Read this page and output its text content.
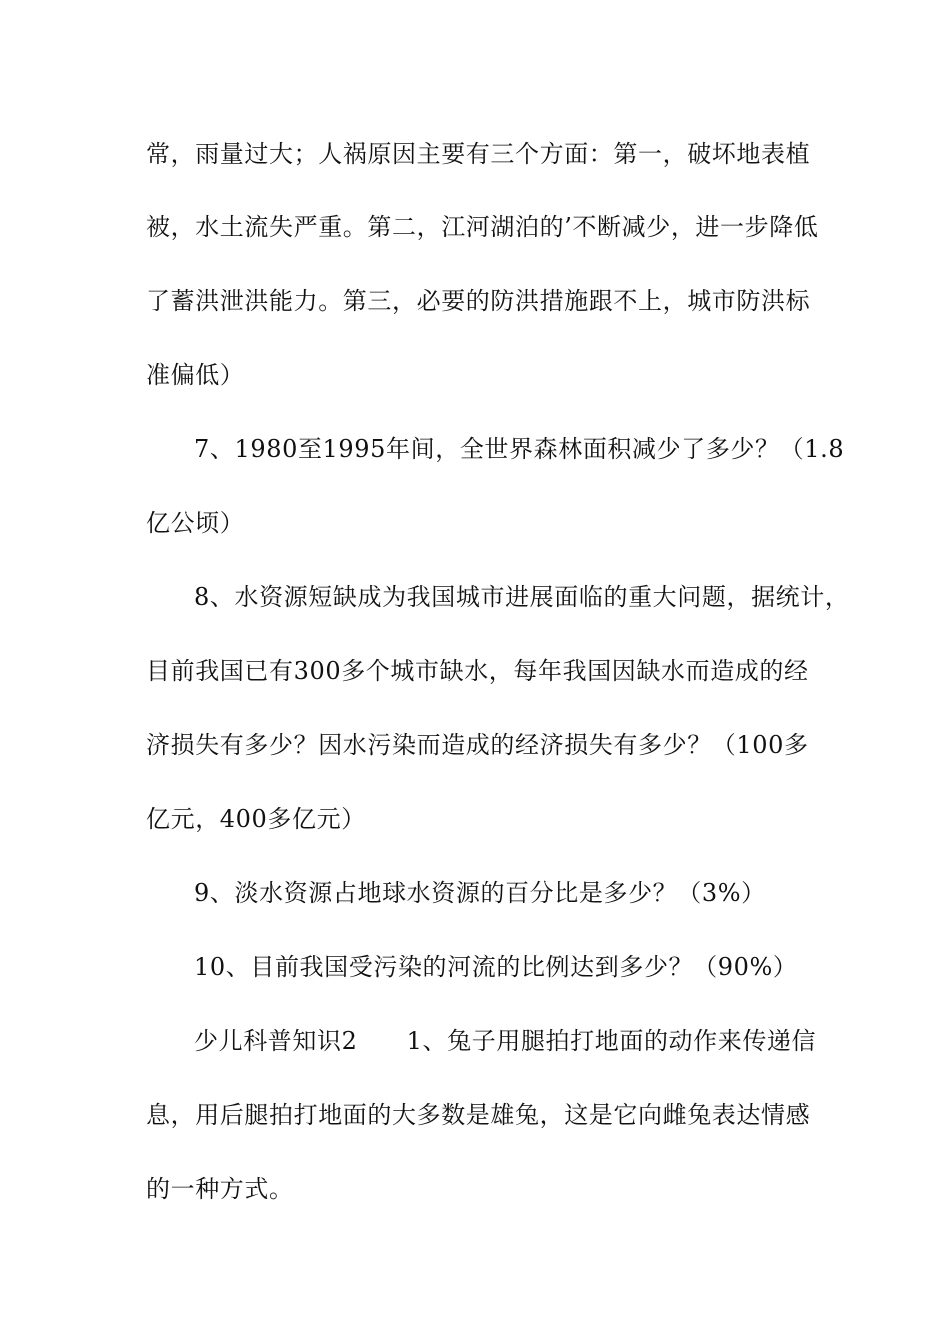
常，雨量过大；人祸原因主要有三个方面：第一，破坏地表植
被，水土流失严重。第二，江河湖泊的’不断减少，进一步降低
了蓄洪泄洪能力。第三，必要的防洪措施跟不上，城市防洪标
准偏低）
7、1980至1995年间，全世界森林面积减少了多少？（1.8
亿公顷）
8、水资源短缺成为我国城市进展面临的重大问题，据统计，
目前我国已有300多个城市缺水，每年我国因缺水而造成的经
济损失有多少？因水污染而造成的经济损失有多少？（100多
亿元，400多亿元）
9、淡水资源占地球水资源的百分比是多少？（3%）
10、目前我国受污染的河流的比例达到多少？（90%）
少儿科普知识2　　1、兔子用腿拍打地面的动作来传递信
息，用后腿拍打地面的大多数是雄兔，这是它向雌兔表达情感
的一种方式。
